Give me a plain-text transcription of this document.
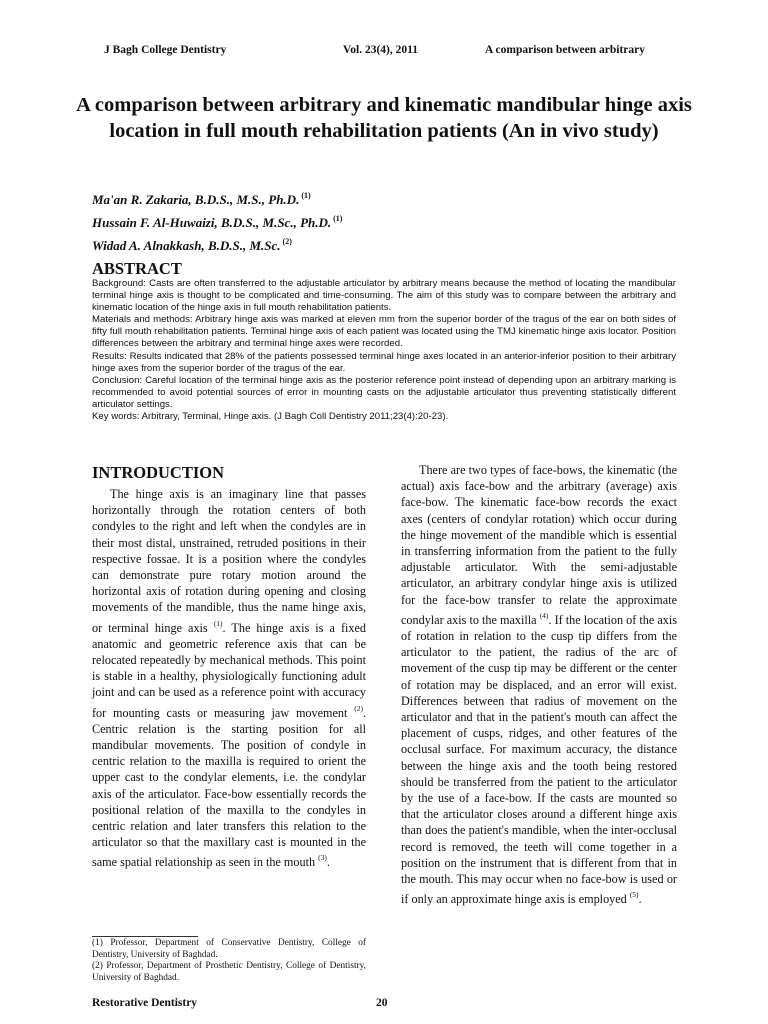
J Bagh College Dentistry	Vol. 23(4), 2011	A comparison between arbitrary
A comparison between arbitrary and kinematic mandibular hinge axis location in full mouth rehabilitation patients (An in vivo study)
Ma'an R. Zakaria, B.D.S., M.S., Ph.D. $^{(1)}$
Hussain F. Al-Huwaizi, B.D.S., M.Sc., Ph.D. $^{(1)}$
Widad A. Alnakkash, B.D.S., M.Sc. $^{(2)}$
ABSTRACT

Background: Casts are often transferred to the adjustable articulator by arbitrary means because the method of locating the mandibular terminal hinge axis is thought to be complicated and time-consuming. The aim of this study was to compare between the arbitrary and kinematic location of the hinge axis in full mouth rehabilitation patients.

Materials and methods: Arbitrary hinge axis was marked at eleven mm from the superior border of the tragus of the ear on both sides of fifty full mouth rehabilitation patients. Terminal hinge axis of each patient was located using the TMJ kinematic hinge axis locator. Position differences between the arbitrary and terminal hinge axes were recorded.

Results: Results indicated that 28% of the patients possessed terminal hinge axes located in an anterior-inferior position to their arbitrary hinge axes from the superior border of the tragus of the ear.

Conclusion: Careful location of the terminal hinge axis as the posterior reference point instead of depending upon an arbitrary marking is recommended to avoid potential sources of error in mounting casts on the adjustable articulator thus preventing statistically different articulator settings.

Key words: Arbitrary, Terminal, Hinge axis. (J Bagh Coll Dentistry 2011;23(4):20-23).

INTRODUCTION

The hinge axis is an imaginary line that passes horizontally through the rotation centers of both condyles to the right and left when the condyles are in their most distal, unstrained, retruded positions in their respective fossae. It is a position where the condyles can demonstrate pure rotary motion around the horizontal axis of rotation during opening and closing movements of the mandible, thus the name hinge axis, or terminal hinge axis $^{(1)}$. The hinge axis is a fixed anatomic and geometric reference axis that can be relocated repeatedly by mechanical methods. This point is stable in a healthy, physiologically functioning adult joint and can be used as a reference point with accuracy for mounting casts or measuring jaw movement $^{(2)}$. Centric relation is the starting position for all mandibular movements. The position of condyle in centric relation to the maxilla is required to orient the upper cast to the condylar elements, i.e. the condylar axis of the articulator. Face-bow essentially records the positional relation of the maxilla to the condyles in centric relation and later transfers this relation to the articulator so that the maxillary cast is mounted in the same spatial relationship as seen in the mouth $^{(3)}$.

There are two types of face-bows, the kinematic (the actual) axis face-bow and the arbitrary (average) axis face-bow. The kinematic face-bow records the exact axes (centers of condylar rotation) which occur during the hinge movement of the mandible which is essential in transferring information from the patient to the fully adjustable articulator. With the semi-adjustable articulator, an arbitrary condylar hinge axis is utilized for the face-bow transfer to relate the approximate condylar axis to the maxilla $^{(4)}$. If the location of the axis of rotation in relation to the cusp tip differs from the articulator to the patient, the radius of the arc of movement of the cusp tip may be different or the center of rotation may be displaced, and an error will exist. Differences between that radius of movement on the articulator and that in the patient's mouth can affect the placement of cusps, ridges, and other features of the occlusal surface. For maximum accuracy, the distance between the hinge axis and the tooth being restored should be transferred from the patient to the articulator by the use of a face-bow. If the casts are mounted so that the articulator closes around a different hinge axis than does the patient's mandible, when the inter-occlusal record is removed, the teeth will come together in a position on the instrument that is different from that in the mouth. This may occur when no face-bow is used or if only an approximate hinge axis is employed $^{(5)}$.

(1) Professor, Department of Conservative Dentistry, College of Dentistry, University of Baghdad.

(2) Professor, Department of Prosthetic Dentistry, College of Dentistry, University of Baghdad.

Restorative Dentistry	20
